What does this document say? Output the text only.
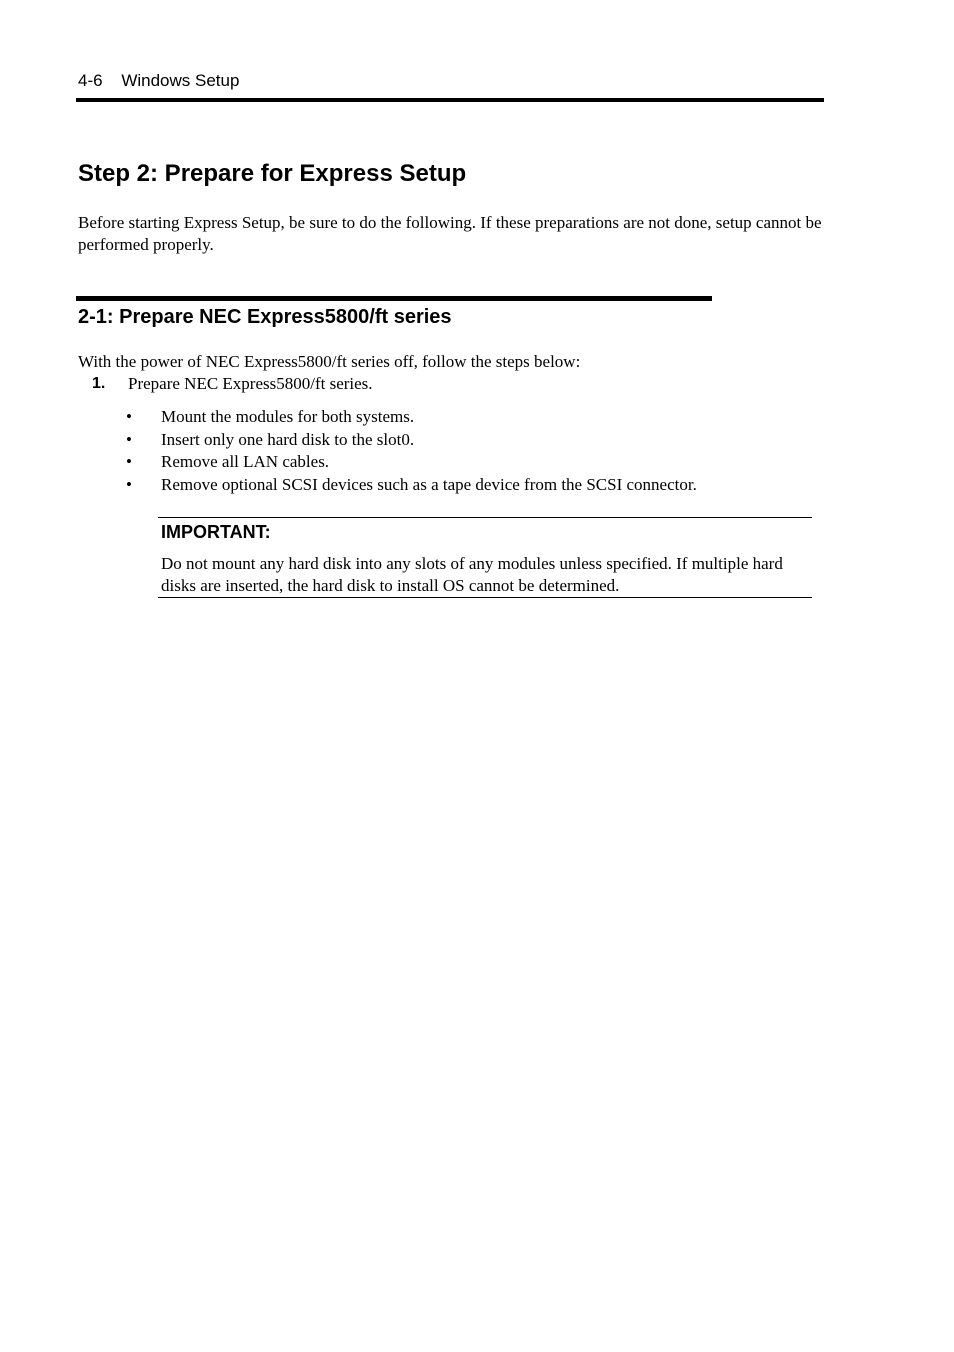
4-6 Windows Setup
Step 2: Prepare for Express Setup

Before starting Express Setup, be sure to do the following. If these preparations are not done, setup cannot be performed properly.

2-1: Prepare NEC Express5800/ft series

With the power of NEC Express5800/ft series off, follow the steps below:

1. Prepare NEC Express5800/ft series.
• Mount the modules for both systems.
• Insert only one hard disk to the slot0.
• Remove all LAN cables.
• Remove optional SCSI devices such as a tape device from the SCSI connector.
IMPORTANT:

Do not mount any hard disk into any slots of any modules unless specified. If multiple hard disks are inserted, the hard disk to install OS cannot be determined.
